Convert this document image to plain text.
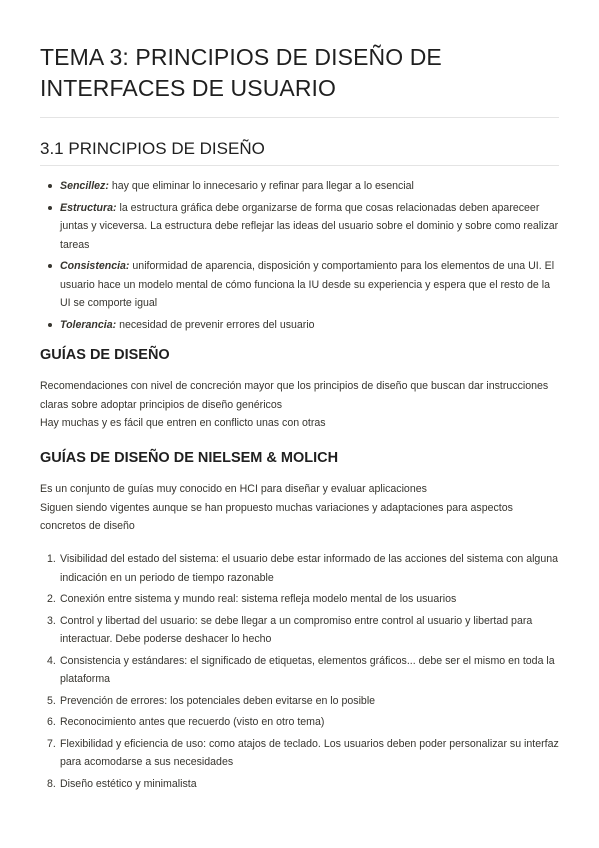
TEMA 3: PRINCIPIOS DE DISEÑO DE INTERFACES DE USUARIO
3.1 PRINCIPIOS DE DISEÑO
Sencillez: hay que eliminar lo innecesario y refinar para llegar a lo esencial
Estructura: la estructura gráfica debe organizarse de forma que cosas relacionadas deben apareceer juntas y viceversa. La estructura debe reflejar las ideas del usuario sobre el dominio y sobre como realizar tareas
Consistencia: uniformidad de aparencia, disposición y comportamiento para los elementos de una UI. El usuario hace un modelo mental de cómo funciona la IU desde su experiencia y espera que el resto de la UI se comporte igual
Tolerancia: necesidad de prevenir errores del usuario
GUÍAS DE DISEÑO

Recomendaciones con nivel de concreción mayor que los principios de diseño que buscan dar instrucciones claras sobre adoptar principios de diseño genéricos
Hay muchas y es fácil que entren en conflicto unas con otras

GUÍAS DE DISEÑO DE NIELSEM & MOLICH

Es un conjunto de guías muy conocido en HCI para diseñar y evaluar aplicaciones
Siguen siendo vigentes aunque se han propuesto muchas variaciones y adaptaciones para aspectos concretos de diseño

1. Visibilidad del estado del sistema: el usuario debe estar informado de las acciones del sistema con alguna indicación en un periodo de tiempo razonable
2. Conexión entre sistema y mundo real: sistema refleja modelo mental de los usuarios
3. Control y libertad del usuario: se debe llegar a un compromiso entre control al usuario y libertad para interactuar. Debe poderse deshacer lo hecho
4. Consistencia y estándares: el significado de etiquetas, elementos gráficos... debe ser el mismo en toda la plataforma
5. Prevención de errores: los potenciales deben evitarse en lo posible
6. Reconocimiento antes que recuerdo (visto en otro tema)
7. Flexibilidad y eficiencia de uso: como atajos de teclado. Los usuarios deben poder personalizar su interfaz para acomodarse a sus necesidades
8. Diseño estético y minimalista
